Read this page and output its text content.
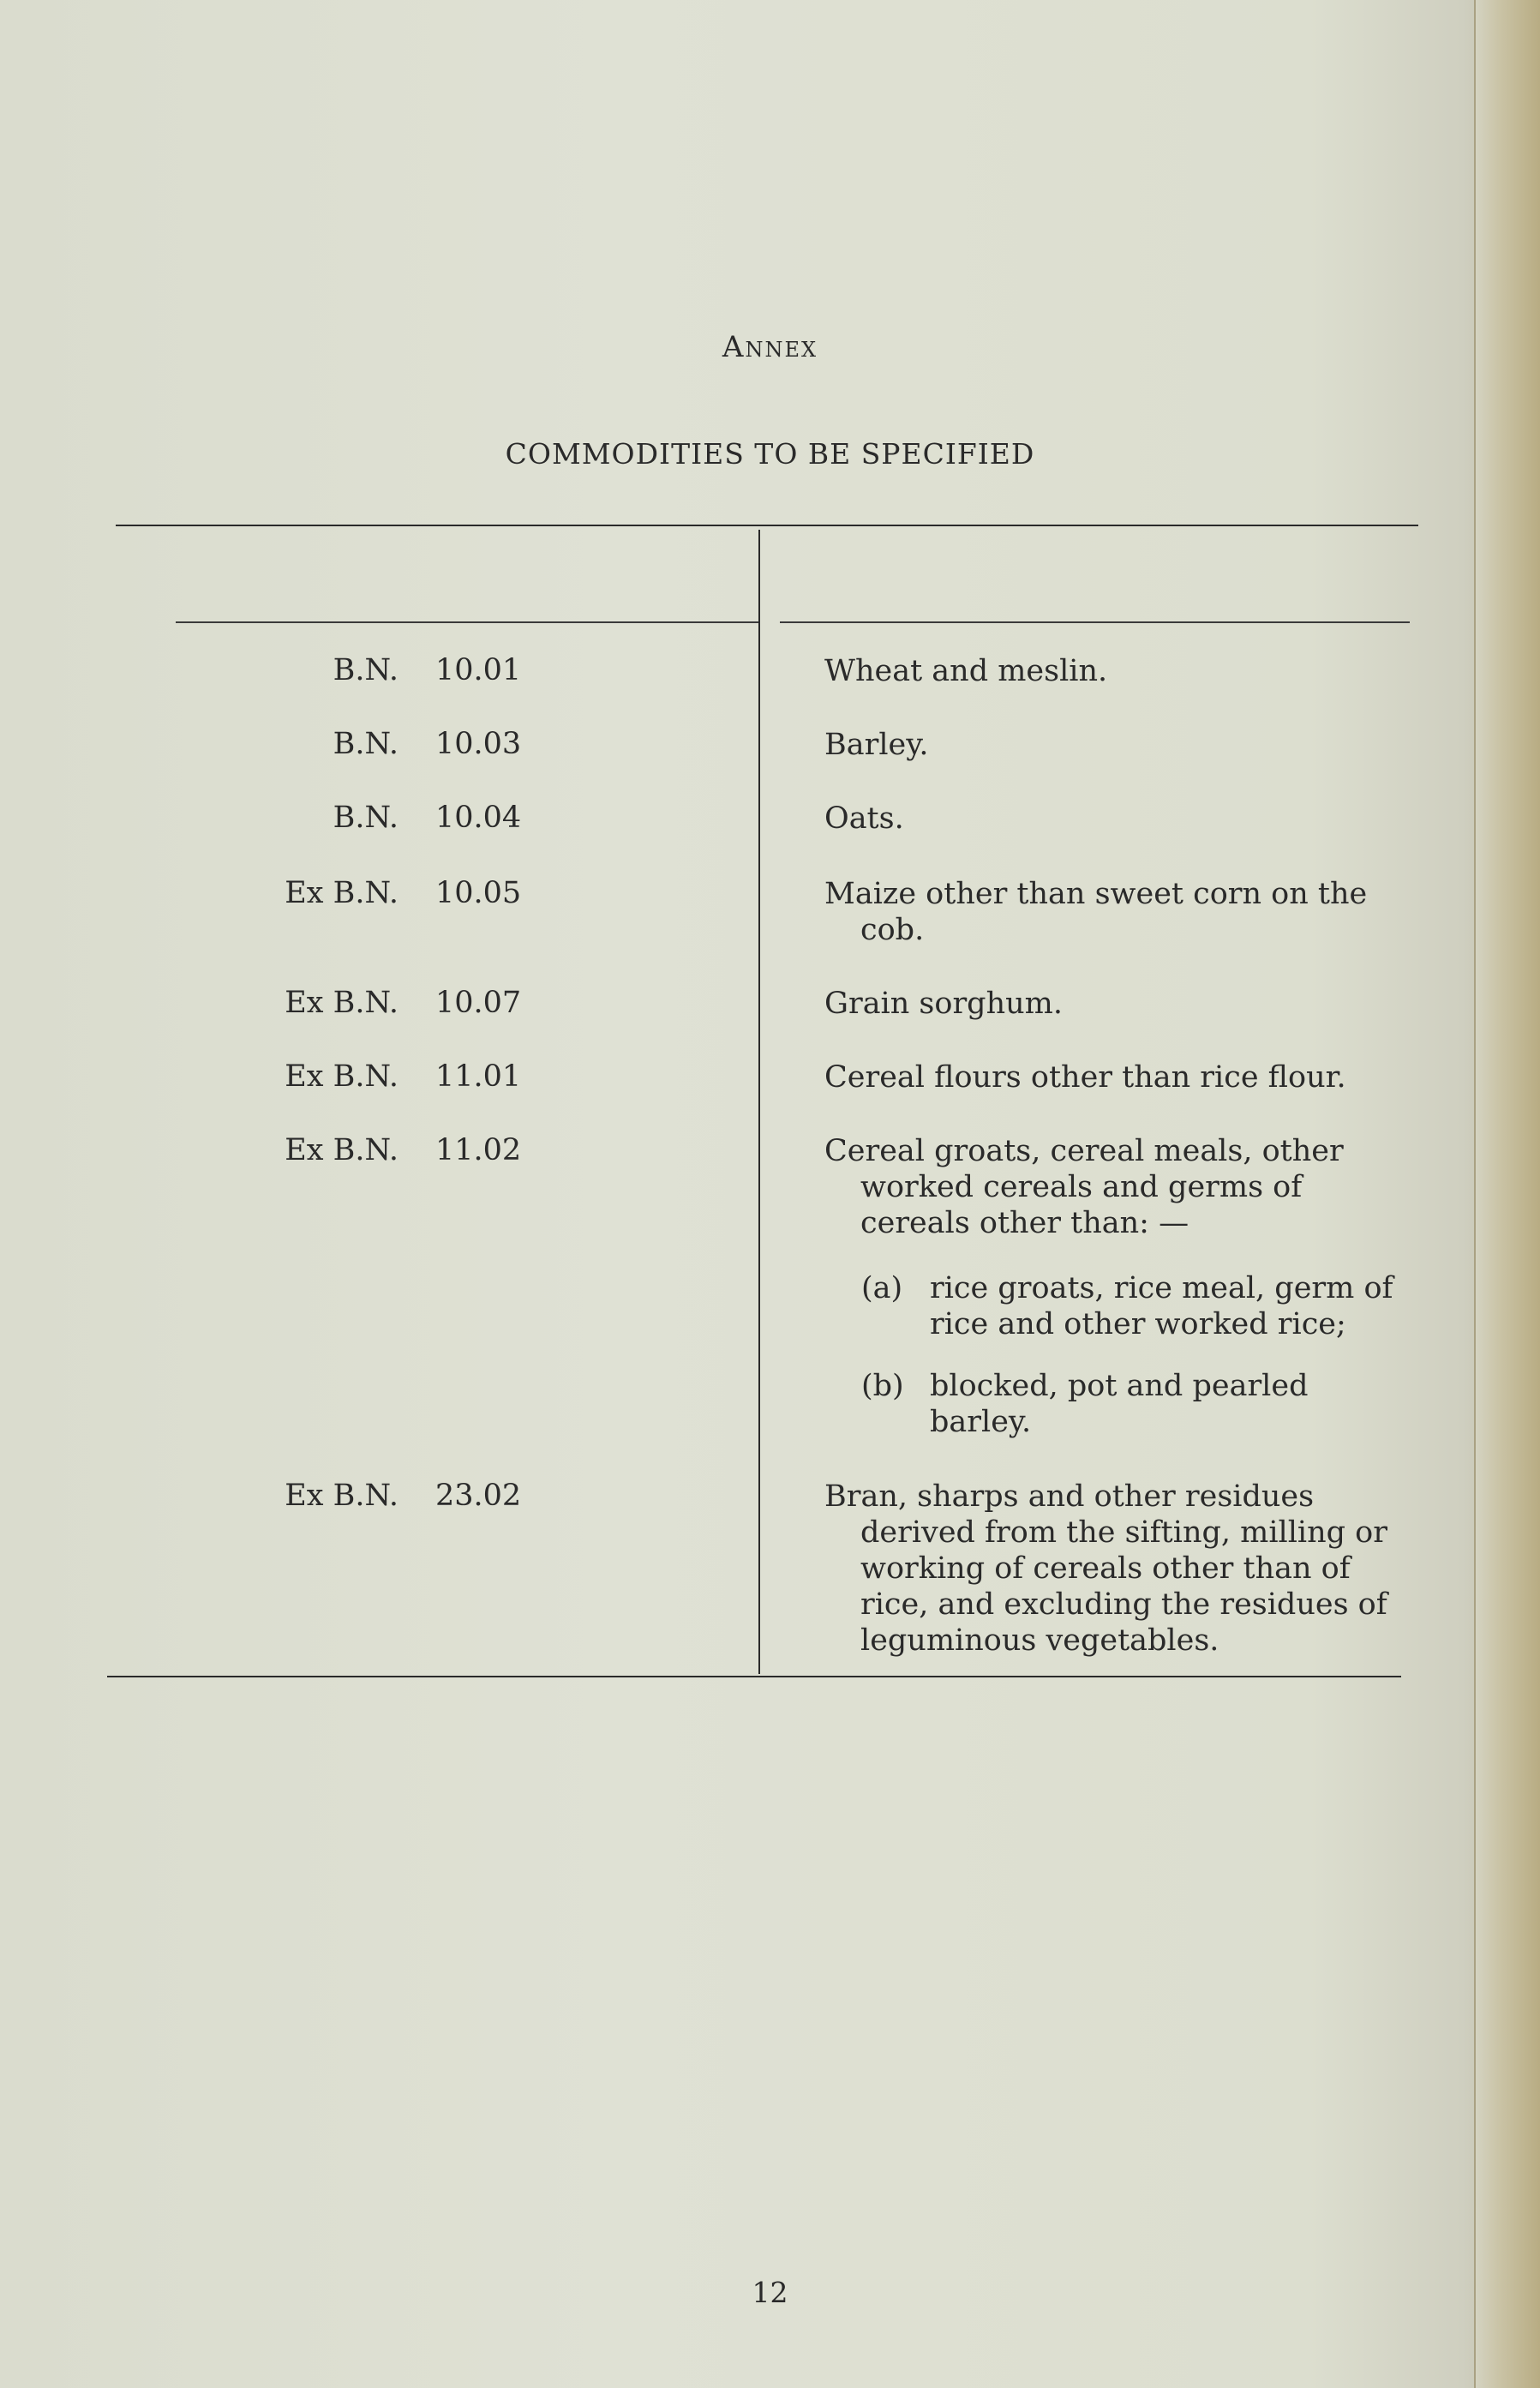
Annex
COMMODITIES TO BE SPECIFIED
B.N. 10.01	Wheat and meslin.
B.N. 10.03	Barley.
B.N. 10.04	Oats.
Ex B.N. 10.05	Maize other than sweet corn on the
cob.
Ex B.N. 10.07	Grain sorghum.
Ex B.N. 11.01	Cereal flours other than rice flour.
Ex B.N. 11.02	Cereal groats, cereal meals, other
worked cereals and germs of
cereals other than: —
(a) rice groats, rice meal, germ of
rice and other worked rice;
(b) blocked, pot and pearled
barley.
Ex B.N. 23.02	Bran, sharps and other residues
derived from the sifting, milling or
working of cereals other than of
rice, and excluding the residues of
leguminous vegetables.
12
